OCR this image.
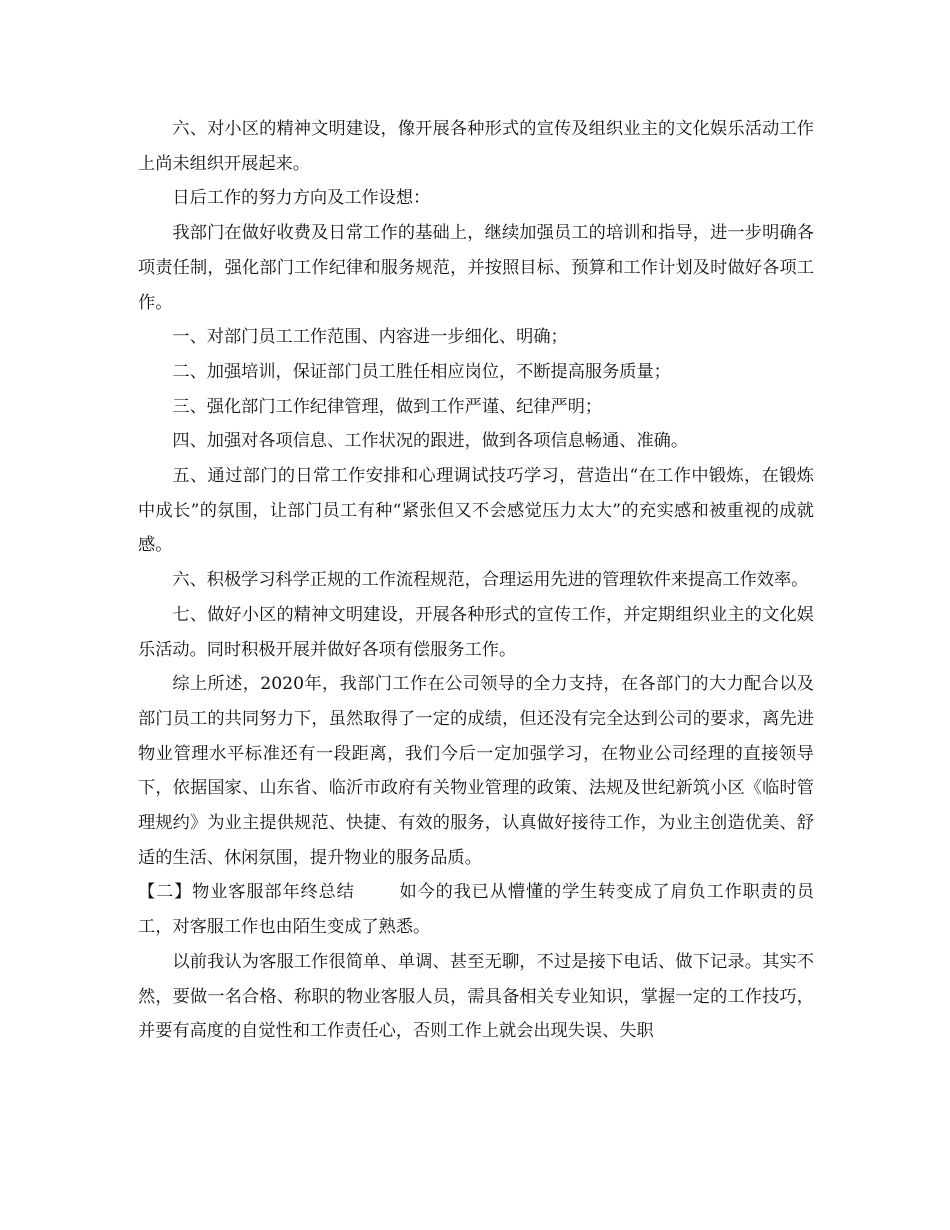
六、对小区的精神文明建设，像开展各种形式的宣传及组织业主的文化娱乐活动工作上尚未组织开展起来。

日后工作的努力方向及工作设想：

我部门在做好收费及日常工作的基础上，继续加强员工的培训和指导，进一步明确各项责任制，强化部门工作纪律和服务规范，并按照目标、预算和工作计划及时做好各项工作。

一、对部门员工工作范围、内容进一步细化、明确；

二、加强培训，保证部门员工胜任相应岗位，不断提高服务质量；

三、强化部门工作纪律管理，做到工作严谨、纪律严明；

四、加强对各项信息、工作状况的跟进，做到各项信息畅通、准确。

五、通过部门的日常工作安排和心理调试技巧学习，营造出“在工作中锻炼，在锻炼中成长”的氛围，让部门员工有种“紧张但又不会感觉压力太大”的充实感和被重视的成就感。

六、积极学习科学正规的工作流程规范，合理运用先进的管理软件来提高工作效率。

七、做好小区的精神文明建设，开展各种形式的宣传工作，并定期组织业主的文化娱乐活动。同时积极开展并做好各项有偿服务工作。

综上所述，2020年，我部门工作在公司领导的全力支持，在各部门的大力配合以及部门员工的共同努力下，虽然取得了一定的成绩，但还没有完全达到公司的要求，离先进物业管理水平标准还有一段距离，我们今后一定加强学习，在物业公司经理的直接领导下，依据国家、山东省、临沂市政府有关物业管理的政策、法规及世纪新筑小区《临时管理规约》为业主提供规范、快捷、有效的服务，认真做好接待工作，为业主创造优美、舒适的生活、休闲氛围，提升物业的服务品质。

【二】物业客服部年终总结	如今的我已从懵懂的学生转变成了肩负工作职责的员工，对客服工作也由陌生变成了熟悉。

以前我认为客服工作很简单、单调、甚至无聊，不过是接下电话、做下记录。其实不然，要做一名合格、称职的物业客服人员，需具备相关专业知识，掌握一定的工作技巧，并要有高度的自觉性和工作责任心，否则工作上就会出现失误、失职
